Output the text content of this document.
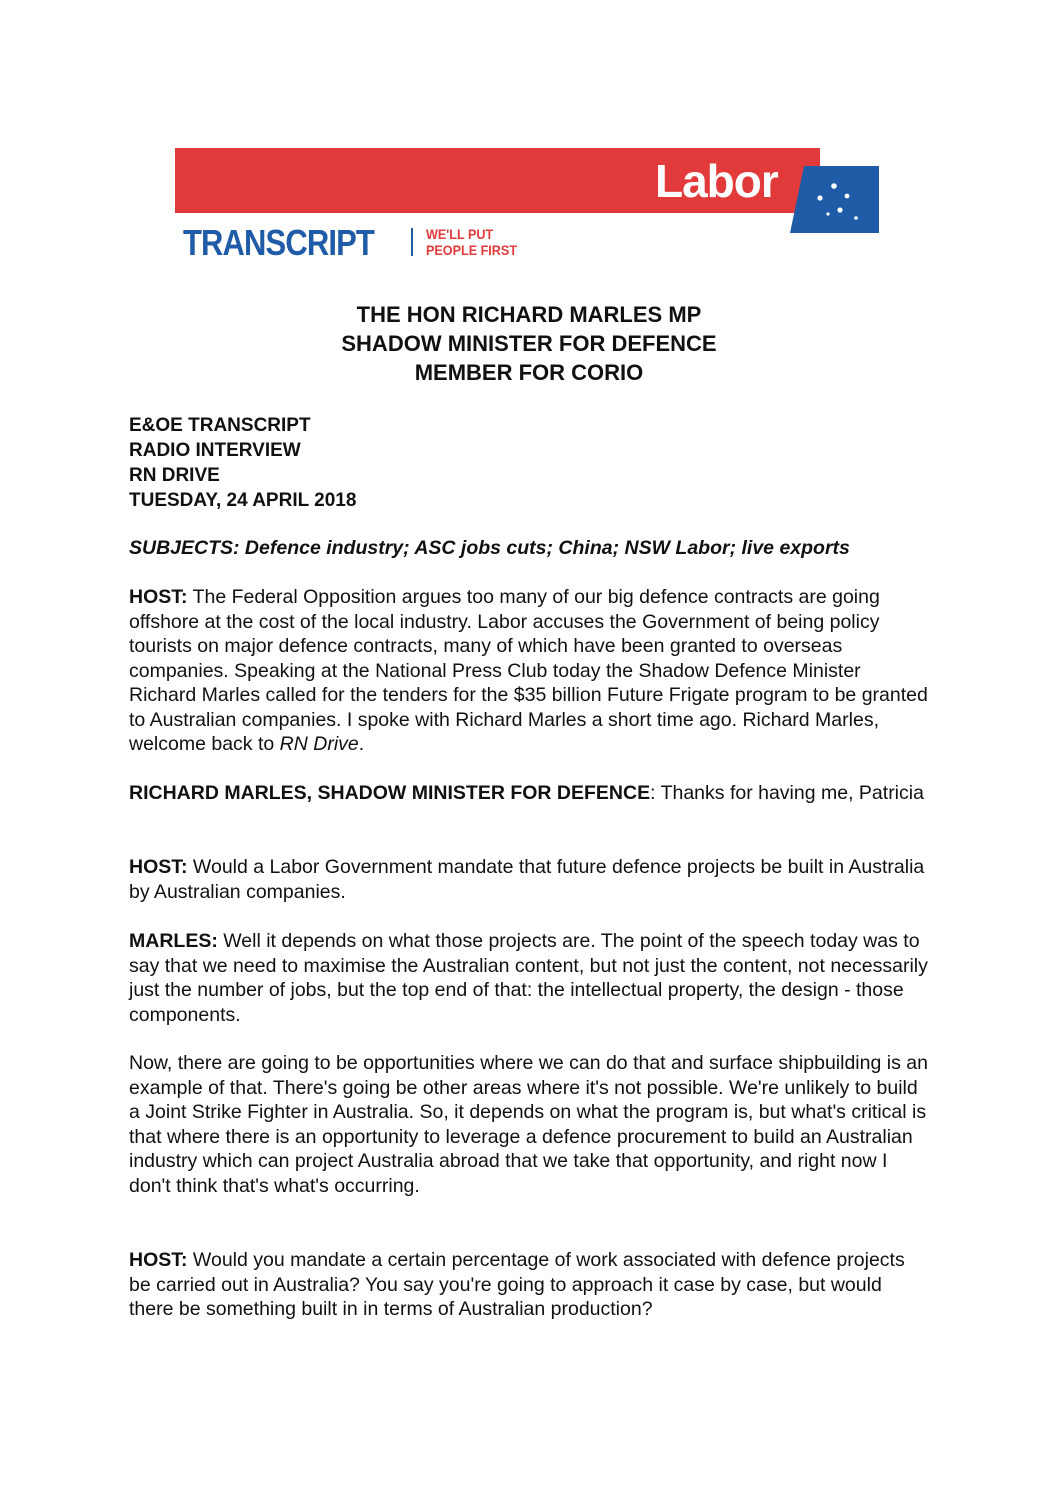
Labor
TRANSCRIPT	WE'LL PUT
PEOPLE FIRST
THE HON RICHARD MARLES MP
SHADOW MINISTER FOR DEFENCE
MEMBER FOR CORIO
E&OE TRANSCRIPT
RADIO INTERVIEW
RN DRIVE
TUESDAY, 24 APRIL 2018
SUBJECTS: Defence industry; ASC jobs cuts; China; NSW Labor; live exports
HOST: The Federal Opposition argues too many of our big defence contracts are going offshore at the cost of the local industry. Labor accuses the Government of being policy tourists on major defence contracts, many of which have been granted to overseas companies. Speaking at the National Press Club today the Shadow Defence Minister Richard Marles called for the tenders for the $35 billion Future Frigate program to be granted to Australian companies. I spoke with Richard Marles a short time ago. Richard Marles, welcome back to RN Drive.
RICHARD MARLES, SHADOW MINISTER FOR DEFENCE: Thanks for having me, Patricia
HOST: Would a Labor Government mandate that future defence projects be built in Australia by Australian companies.
MARLES: Well it depends on what those projects are. The point of the speech today was to say that we need to maximise the Australian content, but not just the content, not necessarily just the number of jobs, but the top end of that: the intellectual property, the design - those components.
Now, there are going to be opportunities where we can do that and surface shipbuilding is an example of that. There's going be other areas where it's not possible. We're unlikely to build a Joint Strike Fighter in Australia. So, it depends on what the program is, but what's critical is that where there is an opportunity to leverage a defence procurement to build an Australian industry which can project Australia abroad that we take that opportunity, and right now I don't think that's what's occurring.
HOST: Would you mandate a certain percentage of work associated with defence projects be carried out in Australia? You say you're going to approach it case by case, but would there be something built in in terms of Australian production?
